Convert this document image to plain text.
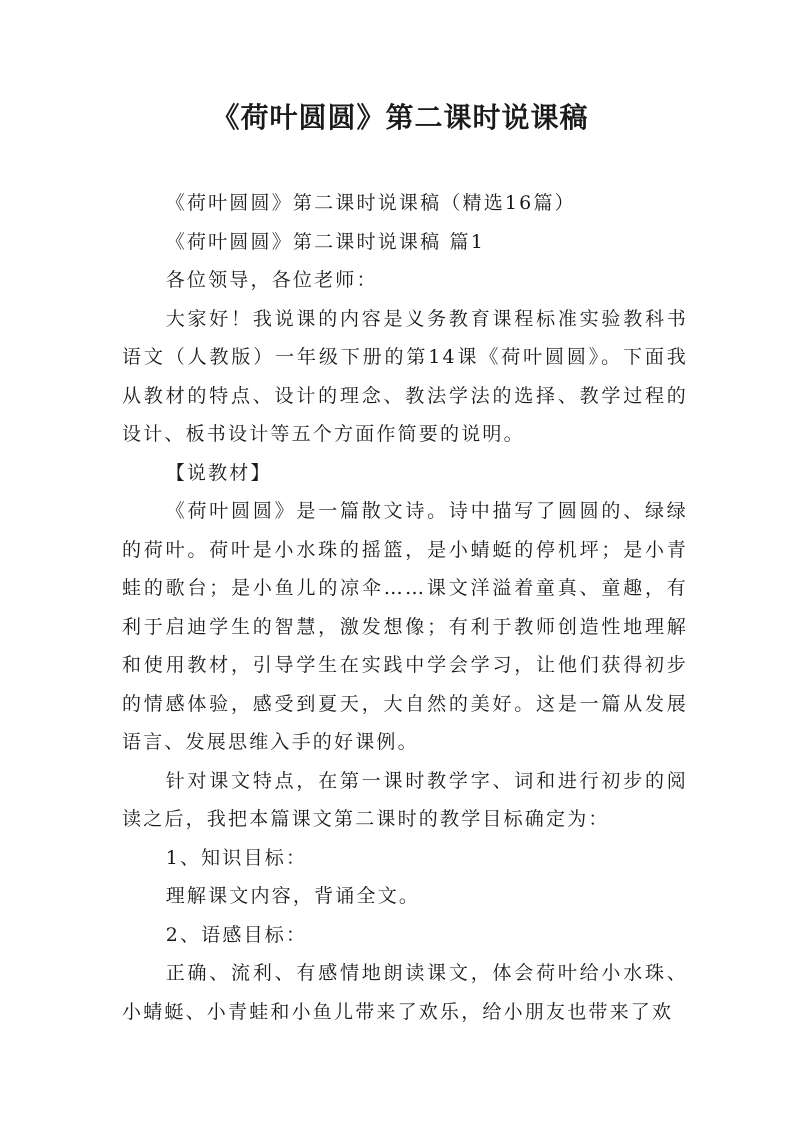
《荷叶圆圆》第二课时说课稿

《荷叶圆圆》第二课时说课稿（精选16篇）

《荷叶圆圆》第二课时说课稿 篇1

各位领导，各位老师：

大家好！我说课的内容是义务教育课程标准实验教科书语文（人教版）一年级下册的第14课《荷叶圆圆》。下面我从教材的特点、设计的理念、教法学法的选择、教学过程的设计、板书设计等五个方面作简要的说明。

【说教材】

《荷叶圆圆》是一篇散文诗。诗中描写了圆圆的、绿绿的荷叶。荷叶是小水珠的摇篮，是小蜻蜓的停机坪；是小青蛙的歌台；是小鱼儿的凉伞……课文洋溢着童真、童趣，有利于启迪学生的智慧，激发想像；有利于教师创造性地理解和使用教材，引导学生在实践中学会学习，让他们获得初步的情感体验，感受到夏天，大自然的美好。这是一篇从发展语言、发展思维入手的好课例。

针对课文特点，在第一课时教学字、词和进行初步的阅读之后，我把本篇课文第二课时的教学目标确定为：

1、知识目标：

理解课文内容，背诵全文。

2、语感目标：

正确、流利、有感情地朗读课文，体会荷叶给小水珠、小蜻蜓、小青蛙和小鱼儿带来了欢乐，给小朋友也带来了欢
